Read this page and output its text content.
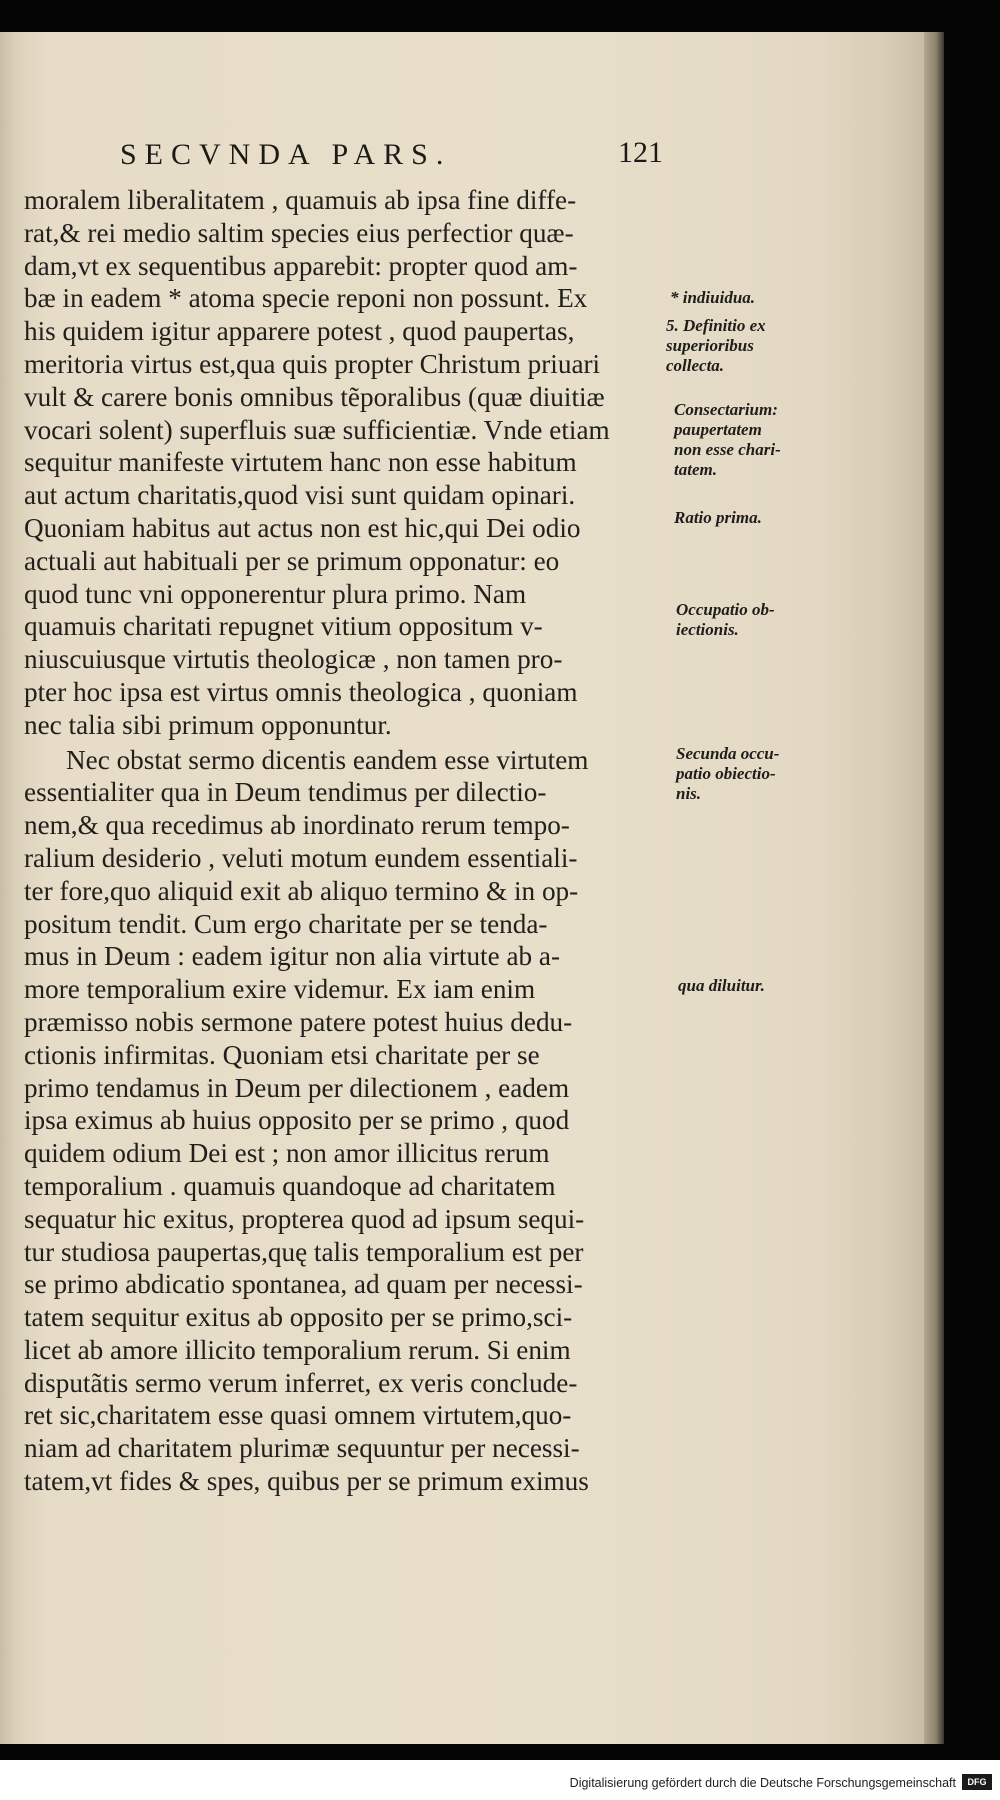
SECVNDA PARS.	121
moralem liberalitatem , quamuis ab ipsa fine diffe-
rat,& rei medio saltim species eius perfectior quæ-
dam,vt ex sequentibus apparebit: propter quod am-
bæ in eadem * atoma specie reponi non possunt. Ex
his quidem igitur apparere potest , quod paupertas,
meritoria virtus est,qua quis propter Christum priuari
vult & carere bonis omnibus tẽporalibus (quæ diuitiæ
vocari solent) superfluis suæ sufficientiæ. Vnde etiam
sequitur manifeste virtutem hanc non esse habitum
aut actum charitatis,quod visi sunt quidam opinari.
Quoniam habitus aut actus non est hic,qui Dei odio
actuali aut habituali per se primum opponatur: eo
quod tunc vni opponerentur plura primo. Nam
quamuis charitati repugnet vitium oppositum v-
niuscuiusque virtutis theologicæ , non tamen pro-
pter hoc ipsa est virtus omnis theologica , quoniam
nec talia sibi primum opponuntur.
Nec obstat sermo dicentis eandem esse virtutem
essentialiter qua in Deum tendimus per dilectio-
nem,& qua recedimus ab inordinato rerum tempo-
ralium desiderio , veluti motum eundem essentiali-
ter fore,quo aliquid exit ab aliquo termino & in op-
positum tendit. Cum ergo charitate per se tenda-
mus in Deum : eadem igitur non alia virtute ab a-
more temporalium exire videmur. Ex iam enim
præmisso nobis sermone patere potest huius dedu-
ctionis infirmitas. Quoniam etsi charitate per se
primo tendamus in Deum per dilectionem , eadem
ipsa eximus ab huius opposito per se primo , quod
quidem odium Dei est ; non amor illicitus rerum
temporalium . quamuis quandoque ad charitatem
sequatur hic exitus, propterea quod ad ipsum sequi-
tur studiosa paupertas,quę talis temporalium est per
se primo abdicatio spontanea, ad quam per necessi-
tatem sequitur exitus ab opposito per se primo,sci-
licet ab amore illicito temporalium rerum. Si enim
disputãtis sermo verum inferret, ex veris conclude-
ret sic,charitatem esse quasi omnem virtutem,quo-
niam ad charitatem plurimæ sequuntur per necessi-
tatem,vt fides & spes, quibus per se primum eximus
* indiuidua.
5. Definitio ex
superioribus
collecta.
Consectarium:
paupertatem
non esse chari-
tatem.
Ratio prima.
Occupatio ob-
iectionis.
Secunda occu-
patio obiectio-
nis.
qua diluitur.
Digitalisierung gefördert durch die Deutsche Forschungsgemeinschaft	DFG
